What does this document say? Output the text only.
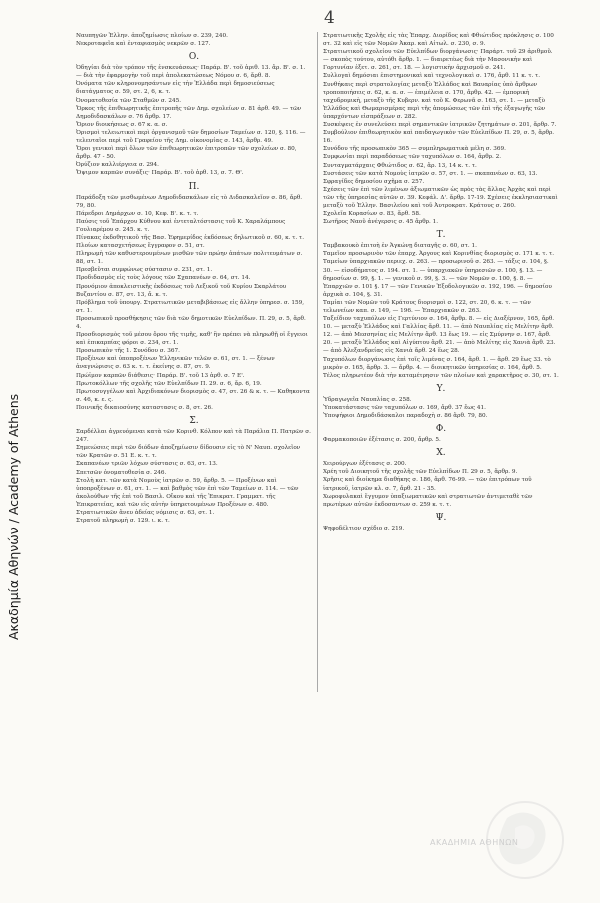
Ακαδημία Αθηνών / Academy of Athens
4
Ναυπηγῶν Ἑλλην. ἀποζημίωσις πλοίων σ. 239, 240.
Νεκροταφεῖα καὶ ἐνταφιασμὸς νεκρῶν σ. 127.
Ο.
Ὁδηγίαι διὰ τὸν τρόπον τῆς ἐνσκευάσεως· Παράρ. Β'. τοῦ ἀριθ. 13. ἄρ. Β'. σ. 1. — διὰ τὴν ἐφαρμογὴν τοῦ περὶ ἀπολεκατώσεως Νόμου σ. 6, ἄρθ. 8.
Ὀνόματα τῶν κληρονομησάντων εἰς τὴν Ἑλλάδα περὶ δημοσιεύσεως διατάγματος σ. 59, στ. 2, 6, κ. τ.
Ὀνοματοθεσία τῶν Σταθμῶν σ. 245.
Ὅρκος τῆς ἐπιθεωρητικῆς ἐπιτροπῆς τῶν Δημ. σχολείων σ. 81 ἀρθ. 49. — τῶν Δημοδιδασκάλων σ. 76 ἄρθρ. 17.
Ὅριον διοικήσεως σ. 67 κ. α. σ.
Ὁρισμοὶ τελειωτικοὶ περὶ ὀργανισμοῦ τῶν δημοσίων Ταμείων σ. 120, §. 116. — τελευταῖοι περὶ τοῦ Γραφείου τῆς Δημ. οἰκονομίας σ. 143, ἄρθρ. 49.
Ὅροι γενικοὶ περὶ ὅλων τῶν ἐπιθεωρητικῶν ἐπιτροπῶν τῶν σχολείων σ. 80, ἄρθρ. 47 - 50.
Ὀρύζιον καλλιέργεια σ. 294.
Ὄψιμον καρπῶν συνάξις· Παράρ. Β'. τοῦ ἀρθ. 13, σ. 7. Θ'.
Π.
Παράδοξη τῶν μισθωμένων Δημοδιδασκάλων εἰς τὸ Διδασκαλεῖον σ. 86, ἄρθ. 79, 80.
Πάρεδροι Δημάρχων σ. 10, Κεφ. Β'. κ. τ. τ.
Παύσις τοῦ Ἐπάρχου Κύθνου καὶ ἐντεταλτόστασις τοῦ Κ. Χαραλάμπους Γουλιαρέμου σ. 245. κ. τ.
Πίνακας ἐκδοθητικοῦ τῆς Βασ. Ἐφημερίδος ἐκδόσεως δηλωτικοῦ σ. 60, κ. τ. τ.
Πλοίων κατασχετήσεως ἔγγραφον σ. 51, στ.
Πληρωμὴ τῶν καθυστερουμένων μισθῶν τῶν πρώην ἀπάτων πολιτευμάτων σ. 88, στ. 1.
Πρεσβεῦται συμφώνως σύστασιν σ. 231, στ. 1.
Προδιδασμὸς εἰς τοὺς λόγους τῶν Σχαπανέων σ. 64, στ. 14.
Προνόμιον ἀποκλειστικῆς ἐκδόσεως τοῦ Λεξικοῦ τοῦ Κυρίου Σκαρλάτου Βυζαντίου σ. 87, στ. 13, ἄ. κ. τ.
Πρόβλημα τοῦ ὑπουργ. Στρατιωτικῶν μεταβιβάσεως εἰς ἄλλην ὑπηρεσ. σ. 159, στ. 1.
Προσωπικοῦ προσθήκησις τῶν διὰ τῶν δημοτικῶν Εὐελπίδων. Π. 29, σ. 5, ἄρθ. 4.
Προσδιορισμὸς τοῦ μέσου ὅρου τῆς τιμῆς, καθ' ἣν πρέπει νὰ πληρωθῇ οἱ ἔγγειοι καὶ ἐπικαρπίας φόροι σ. 234, στ. 1.
Προσωπικὸν τῆς 1. Συνόδου σ. 367.
Προξένων καὶ ὑποπροξένων Ἑλληνικῶν τελῶν σ. 61, στ. 1. — ξένων ἀναγνώρισις σ. 63 κ. τ. τ. ἐκείνης σ. 87, στ. 9.
Πρώϊμον καρπῶν διάθεσις· Παράρ. Β'. τοῦ 13 ἀρθ. σ. 7 Ε'.
Πρωτοκόλλων τῆς σχολῆς τῶν Εὐελπίδων Π. 29. σ. 6, ἄρ. 6, 19.
Πρωτοσυγγέλων καὶ Ἀρχιδιακόνων διορισμὸς σ. 47, στ. 26 & κ. τ. — Καθηκοντα σ. 46, κ. ε. ς.
Ποινικῆς δικαιοσύνης καταστασις σ. 8, στ. 26.
Σ.
Σαρδέλλαι ἀγρευόμεναι κατὰ τῶν Κορινθ. Κόλπον καὶ τὰ Παράλια Π. Πατρῶν σ. 247.
Σημειώσεις περὶ τῶν διόδων ἀποζημίωσιν δίδουσιν εἰς τὸ Ν' Ναυπ. σχολεῖον τῶν Κρατῶν σ. 51 Ε. κ. τ. τ.
Σκαπανέων τριῶν λόχων σύστασις σ. 63, στ. 13.
Σπετσῶν ὀνοματοθεσία σ. 246.
Στολὴ κατ. τῶν κατὰ Νομοὺς ἰατρῶν σ. 59, ἄρθρ. 5. — Προξένων καὶ ὑποπροξένων σ. 61, στ. 1. — καὶ βαθμὸς τῶν ἐπὶ τῶν Ταμείων σ. 114. — τῶν ἀκολούθων τῆς ἐπὶ τοῦ Βασιλ. Οἴκου καὶ τῆς Ἐπικρατ. Γραμματ. τῆς Ἐπικρατείας, καὶ τῶν εἰς αὐτὴν ὑπηρετουμένων Προξένων σ. 480.
Στρατιωτικῶν ἄνευ ἀδείας νόμισις σ. 63, στ. 1.
Στρατοῦ πληρωμὴ σ. 129. ι. κ. τ.
Στρατιωτικῆς Σχολῆς εἰς τὰς Ἐπαρχ. Διορίδος καὶ Φθιώτιδος πρόκλησις σ. 100 στ. 32 καὶ εἰς τῶν Νομῶν Ἀκαρ. καὶ Αἰτωλ. σ. 230, σ. 9.
Στρατιωτικοῦ σχολείου τῶν Εὐελπίδων διοργάνωσις· Παράρτ. τοῦ 29 ἀριθμοῦ. — σκοπὸς τούτου, αὐτόθι ἄρθρ. 1. — διαιρετέως διὰ τὴν Μασονικὴν καὶ Γορτυνίαν ἐξετ. σ. 261, στ. 18. — λογιστικὴν ἀρχισμοῦ σ. 241.
Συλλογαὶ δημόσιαι ἐπιστημονικαὶ καὶ τεχνολογικαὶ σ. 176, ἄρθ. 11 κ. τ. τ.
Συνθήκαις περὶ στρατολογίας μεταξὺ Ἑλλάδος καὶ Βαυαρίας ὑπὸ ἄρθρων τροποποιήσεις σ. 62, κ. α. σ. — ἐπιμέλεια σ. 170, ἄρθρ. 42. — ἐμπορικὴ ταχυδρομικὴ, μεταξὺ τῆς Κυβερν. καὶ τοῦ Κ. Φερωνᾶ σ. 163, στ. 1. — μεταξὺ Ἑλλάδος καὶ Θωμαρισμέρας περὶ τῆς ἀπομώσεως τῶν ἐπὶ τῆς ἐξαγωγῆς τῶν ὑπαρχόντων εἰσπράξεων σ. 282.
Συσκέψεις ἐν συνελεύσει περὶ σημαντικῶν ἰατρικῶν ζητημάτων σ. 201, ἄρθρ. 7.
Συμβούλιον ἐπιθεωρητικὸν καὶ παιδαγωγικὸν τῶν Εὐελπίδων Π. 29, σ. 5, ἄρθρ. 16.
Συνόδου τῆς προσωπικὸν 365 — συμπληρωματικὰ μέλη σ. 369.
Συμφωνίαι περὶ παραδόσεως τῶν ταχυπόλων σ. 164, ἄρθρ. 2.
Συνταγματάρχαις Φθιώτιδος σ. 62, ἄρ. 13, 14 κ. τ. τ.
Συστάσεις τῶν κατὰ Νομοὺς ἰατρῶν σ. 57, στ. 1. — σκαπανέων σ. 63, 13.
Σφραγίδες δημοσίου σχῆμα σ. 257.
Σχέσεις τῶν ἐπὶ τῶν λιμένων ἀξιωματικῶν ὡς πρὸς τὰς ἄλλας Ἀρχὰς καὶ περὶ τῶν τῆς ὑπηρεσίας αὐτῶν σ. 39. Κεφάλ. Δ'. ἄρθρ. 17-19. Σχέσεις ἐκκλησιαστικαὶ μεταξὺ τοῦ Ἑλλην. Βασιλείου καὶ τοῦ Ἀυτροκρατ. Κράτους σ. 260.
Σχολεῖα Κορασίων σ. 83, ἄρθ. 58.
Σωτῆρος Ναοῦ ἀνέγερσις σ. 45 ἄρθρ. 1.
Τ.
Ταμβακουκὸ ἐπιτοὴ ἐν Ἀγκώνῃ διαταγῆς σ. 60, στ. 1.
Ταμεῖον προσωρινὸν τῶν ἐπαρχ. Ἀργους καὶ Κορινθίας διορισμὸς σ. 171 κ. τ. τ.
Ταμείων ὑπαρχιακῶν περιεχ. σ. 263. — προσωρινοῦ σ. 263. — τάξις σ. 104, §. 30. — εἰσοδήματος σ. 194. στ. 1. — ὑπαρχιακῶν ὑπηρεσιῶν σ. 100, §. 13. — δημοσίων σ. 99, §. 1. — γενικοῦ σ. 99, §. 3. — τῶν Νομῶν σ. 100, §. 8. — Ἐπαρχιῶν σ. 101 §. 17 — τῶν Γενικῶν Ἐξοδολογικῶν σ. 192, 196. — δημοσίου ἀρχικὰ σ. 104, §. 31.
Ταμίαι τῶν Νομῶν τοῦ Κράτους διορισμοὶ σ. 122, στ. 20, 6. κ. τ. — τῶν τελωνείων καπ. σ. 149, — 196. — Ἐπαρχιακῶν σ. 263.
Ταξείδιον ταχυπόλων εἰς Γερτύνιον σ. 164, ἄρθρ. 8. — εἰς Διαξέρνον, 165, ἄρθ. 10. — μεταξὺ Ἑλλάδος καὶ Γαλλίας ἄρθ. 11. — ἀπὸ Ναυπλίας εἰς Μελίτην ἄρθ. 12. — ἀπὸ Μεσσηνίας εἰς Μελίτην ἄρθ. 13 ἕως 19. — εἰς Σμύρνην σ. 167, ἄρθ. 20. — μεταξὺ Ἑλλάδος καὶ Αἰγύπτου ἄρθ. 21. — ἀπὸ Μελίτης εἰς Χανιὰ ἄρθ. 23. — ἀπὸ Ἀλεξανδρείας εἰς Χανιὰ ἄρθ. 24 ἕως 28.
Ταχυπόλων διοργάνωσις ἐπὶ τοῖς λιμένας σ. 164, ἄρθ. 1. — ἄρθ. 29 ἕως 33. τὸ μικρὸν σ. 165, ἄρθρ. 3. — ἄρθρ. 4. — διοικητικῶν ὑπηρεσίας σ. 164, ἄρθ. 5.
Τέλος πληρωτέον διὰ τὴν καταμέτρησιν τῶν πλοίων καὶ χαρακτῆρος σ. 30, στ. 1.
Υ.
Ὑδραγωγεῖα Ναυπλίας σ. 258.
Ὑποκατάστασις τῶν ταχυπόλων σ. 169, ἄρθ. 37 ἕως 41.
Ὑποψήφιοι Δημοδιδάσκαλοι παραδοχὴ σ. 86 ἄρθ. 79, 80.
Φ.
Φαρμακοποιῶν ἐξέτασις σ. 200, ἄρθρ. 5.
Χ.
Χειρούργων ἐξέτασις σ. 200.
Χρέη τοῦ Διοικητοῦ τῆς σχολῆς τῶν Εὐελπίδων Π. 29 σ. 5, ἄρθρ. 9.
Χρῆσις καὶ διοίκημα διαθήκης σ. 186, ἄρθ. 76-99. — τῶν ἐπιτρόπων τοῦ ἰατρικοῦ, ἰατρῶν κλ. σ. 7, ἄρθ. 21 - 35.
Χωροφυλακαὶ ἔγγυμον ὑπαξιωματικῶν καὶ στρατιωτῶν ἀντιμεταθὲ τῶν πρωτέρων αὐτῶν ἐκδοσαντων σ. 259 κ. τ. τ.
Ψ.
Ψηφοδέλτιον σχέδιο σ. 219.
ΑΚΑΔΗΜΙΑ ΑΘΗΝΩΝ
